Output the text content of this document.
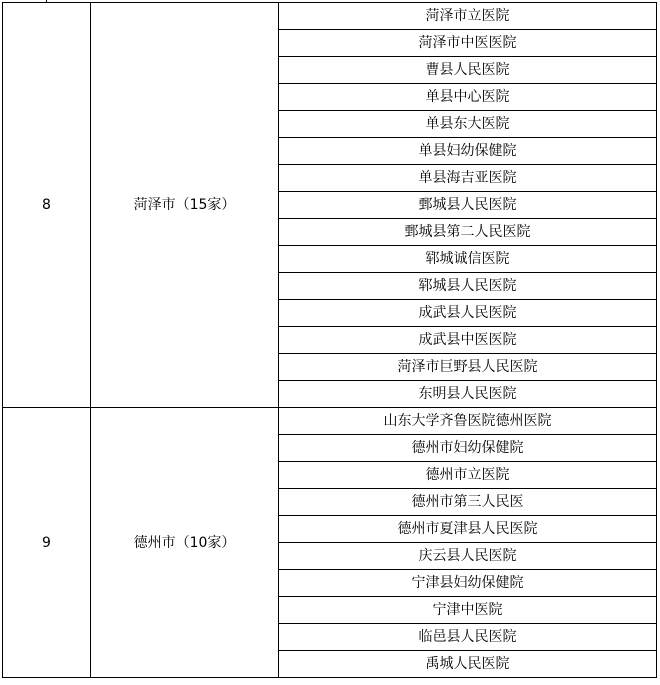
8	菏泽市（15家）	菏泽市立医院
		菏泽市中医医院
		曹县人民医院
		单县中心医院
		单县东大医院
		单县妇幼保健院
		单县海吉亚医院
		鄄城县人民医院
		鄄城县第二人民医院
		郓城诚信医院
		郓城县人民医院
		成武县人民医院
		成武县中医医院
		菏泽市巨野县人民医院
		东明县人民医院
9	德州市（10家）	山东大学齐鲁医院德州医院
		德州市妇幼保健院
		德州市立医院
		德州市第三人民医
		德州市夏津县人民医院
		庆云县人民医院
		宁津县妇幼保健院
		宁津中医院
		临邑县人民医院
		禹城人民医院
